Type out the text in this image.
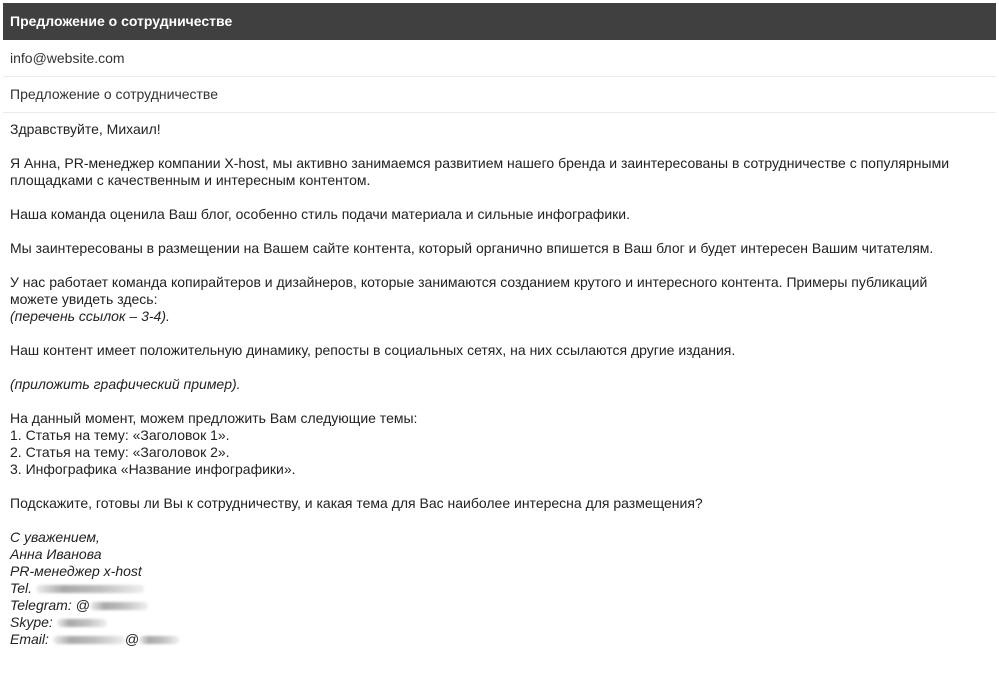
Предложение о сотрудничестве
info@website.com
Предложение о сотрудничестве

Здравствуйте, Михаил!

Я Анна, PR-менеджер компании X-host, мы активно занимаемся развитием нашего бренда и заинтересованы в сотрудничестве с популярными

площадками с качественным и интересным контентом.

Наша команда оценила Ваш блог, особенно стиль подачи материала и сильные инфографики.

Мы заинтересованы в размещении на Вашем сайте контента, который органично впишется в Ваш блог и будет интересен Вашим читателям.

У нас работает команда копирайтеров и дизайнеров, которые занимаются созданием крутого и интересного контента. Примеры публикаций

можете увидеть здесь:

(перечень ссылок – 3-4).

Наш контент имеет положительную динамику, репосты в социальных сетях, на них ссылаются другие издания.

(приложить графический пример).

На данный момент, можем предложить Вам следующие темы:

1. Статья на тему: «Заголовок 1».

2. Статья на тему: «Заголовок 2».

3. Инфографика «Название инфографики».

Подскажите, готовы ли Вы к сотрудничеству, и какая тема для Вас наиболее интересна для размещения?

С уважением,

Анна Иванова

PR-менеджер x-host

Tel.

Telegram: @

Skype:

Email:	@
